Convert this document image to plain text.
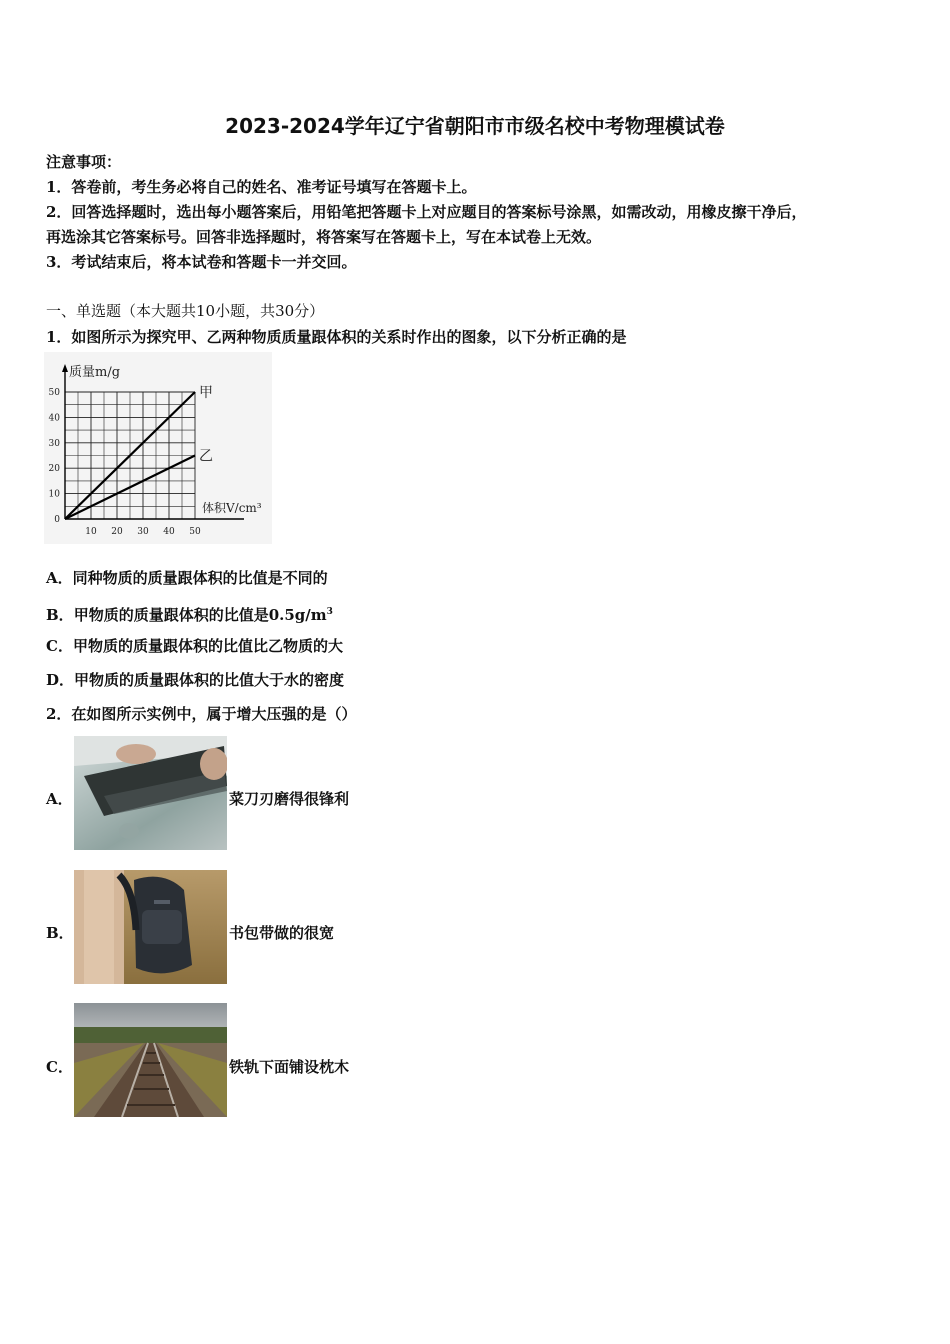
2023-2024学年辽宁省朝阳市市级名校中考物理模试卷
注意事项：
1．答卷前，考生务必将自己的姓名、准考证号填写在答题卡上。
2．回答选择题时，选出每小题答案后，用铅笔把答题卡上对应题目的答案标号涂黑，如需改动，用橡皮擦干净后，
再选涂其它答案标号。回答非选择题时，将答案写在答题卡上，写在本试卷上无效。
3．考试结束后，将本试卷和答题卡一并交回。
一、单选题（本大题共10小题，共30分）
1．如图所示为探究甲、乙两种物质质量跟体积的关系时作出的图象，以下分析正确的是
10 20 30 40 50
0
10
20
30
40
50
质量m/g
体积V/cm³
甲
乙
A．同种物质的质量跟体积的比值是不同的
B．甲物质的质量跟体积的比值是$0.5g/m^3$
C．甲物质的质量跟体积的比值比乙物质的大
D．甲物质的质量跟体积的比值大于水的密度
2．在如图所示实例中，属于增大压强的是（）
A．	菜刀刃磨得很锋利
B．	书包带做的很宽
C．	铁轨下面铺设枕木
